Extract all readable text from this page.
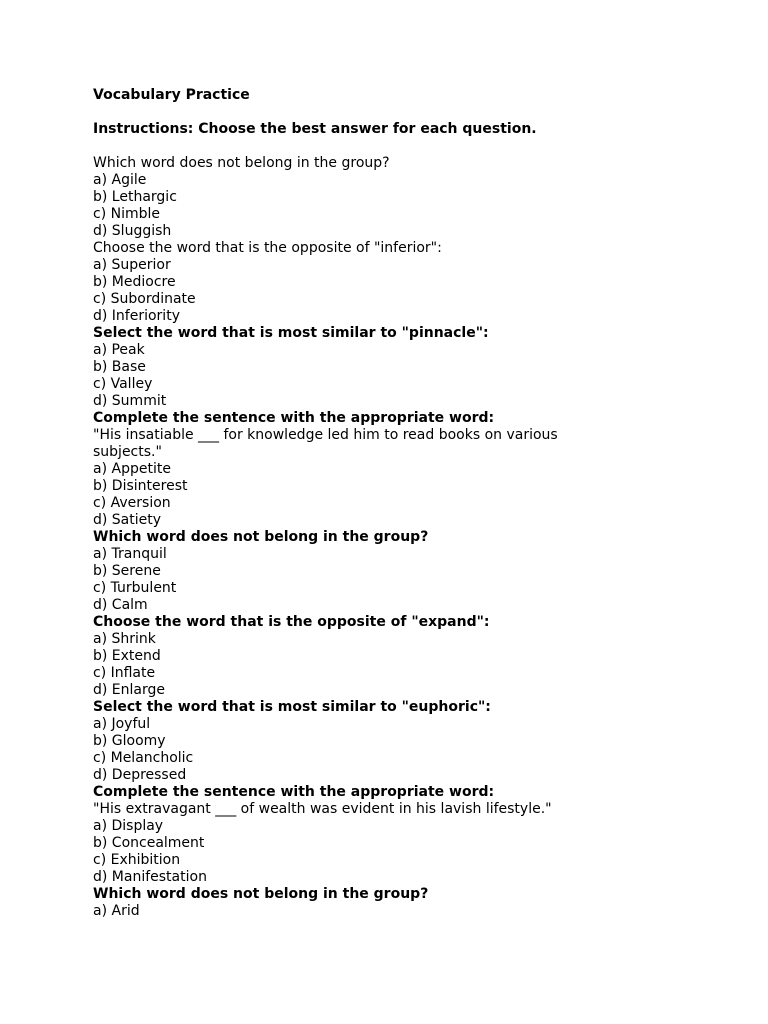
Vocabulary Practice

Instructions: Choose the best answer for each question.

Which word does not belong in the group?

a) Agile

b) Lethargic

c) Nimble

d) Sluggish

Choose the word that is the opposite of "inferior":

a) Superior

b) Mediocre

c) Subordinate

d) Inferiority

Select the word that is most similar to "pinnacle":

a) Peak

b) Base

c) Valley

d) Summit

Complete the sentence with the appropriate word:

"His insatiable ___ for knowledge led him to read books on various subjects."

a) Appetite

b) Disinterest

c) Aversion

d) Satiety

Which word does not belong in the group?

a) Tranquil

b) Serene

c) Turbulent

d) Calm

Choose the word that is the opposite of "expand":

a) Shrink

b) Extend

c) Inflate

d) Enlarge

Select the word that is most similar to "euphoric":

a) Joyful

b) Gloomy

c) Melancholic

d) Depressed

Complete the sentence with the appropriate word:

"His extravagant ___ of wealth was evident in his lavish lifestyle."

a) Display

b) Concealment

c) Exhibition

d) Manifestation

Which word does not belong in the group?

a) Arid
